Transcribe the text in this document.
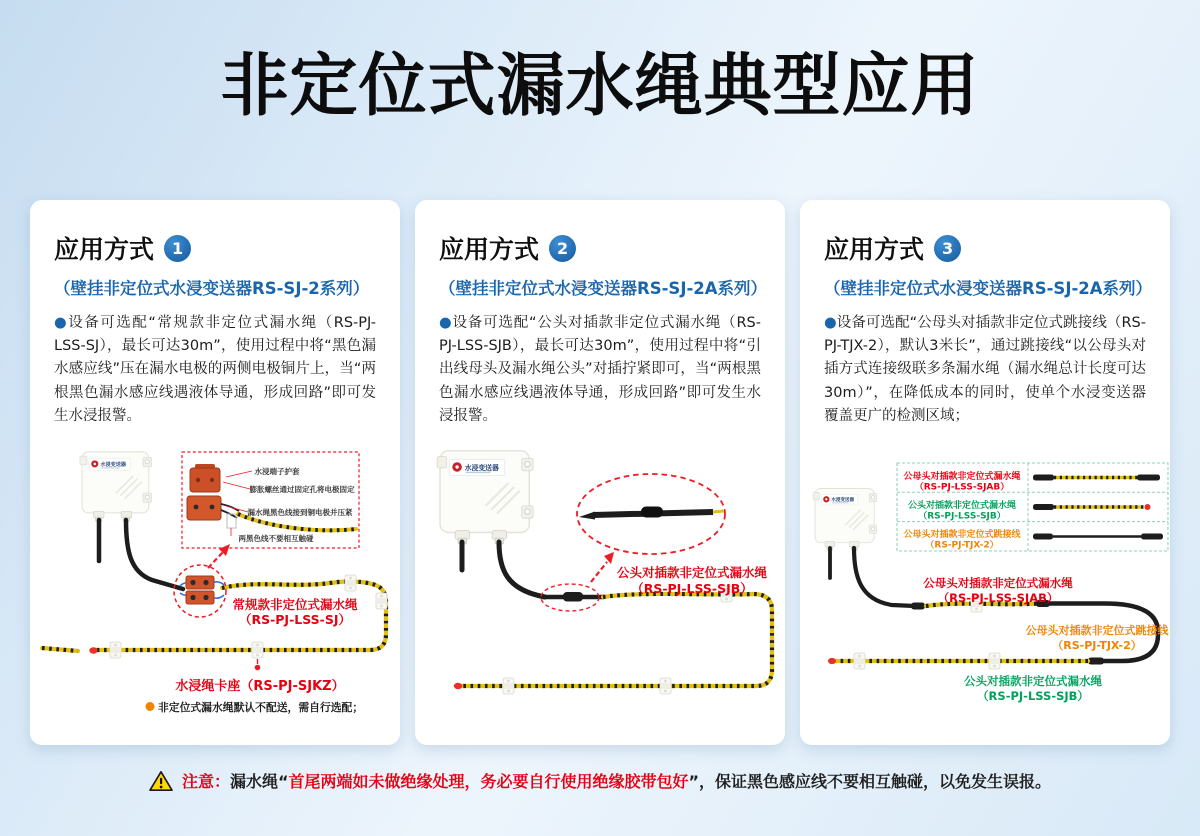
非定位式漏水绳典型应用
应用方式	1
（壁挂非定位式水浸变送器RS-SJ-2系列）

●设备可选配“常规款非定位式漏水绳（RS-PJ-LSS-SJ），最长可达30m”，使用过程中将“黑色漏水感应线”压在漏水电极的两侧电极铜片上，当“两根黑色漏水感应线遇液体导通，形成回路”即可发生水浸报警。

水浸端子护套
膨胀螺丝通过固定孔将电极固定
漏水绳黑色线接到铜电极并压紧
两黑色线不要相互触碰
常规款非定位式漏水绳
（RS-PJ-LSS-SJ）
水浸绳卡座（RS-PJ-SJKZ）
非定位式漏水绳默认不配送，需自行选配；
应用方式	2
（壁挂非定位式水浸变送器RS-SJ-2A系列）

●设备可选配“公头对插款非定位式漏水绳（RS-PJ-LSS-SJB），最长可达30m”，使用过程中将“引出线母头及漏水绳公头”对插拧紧即可，当“两根黑色漏水感应线遇液体导通，形成回路”即可发生水浸报警。

公头对插款非定位式漏水绳
（RS-PJ-LSS-SJB）
应用方式	3
（壁挂非定位式水浸变送器RS-SJ-2A系列）

●设备可选配“公母头对插款非定位式跳接线（RS-PJ-TJX-2），默认3米长”，通过跳接线“以公母头对插方式连接级联多条漏水绳（漏水绳总计长度可达30m）”，在降低成本的同时，使单个水浸变送器覆盖更广的检测区域；

公母头对插款非定位式漏水绳
（RS-PJ-LSS-SJAB）
公头对插款非定位式漏水绳
（RS-PJ-LSS-SJB）
公母头对插款非定位式跳接线
（RS-PJ-TJX-2）
公母头对插款非定位式漏水绳
（RS-PJ-LSS-SJAB）
公母头对插款非定位式跳接线
（RS-PJ-TJX-2）
公头对插款非定位式漏水绳
（RS-PJ-LSS-SJB）

注意：漏水绳“首尾两端如未做绝缘处理，务必要自行使用绝缘胶带包好”，保证黑色感应线不要相互触碰，以免发生误报。
